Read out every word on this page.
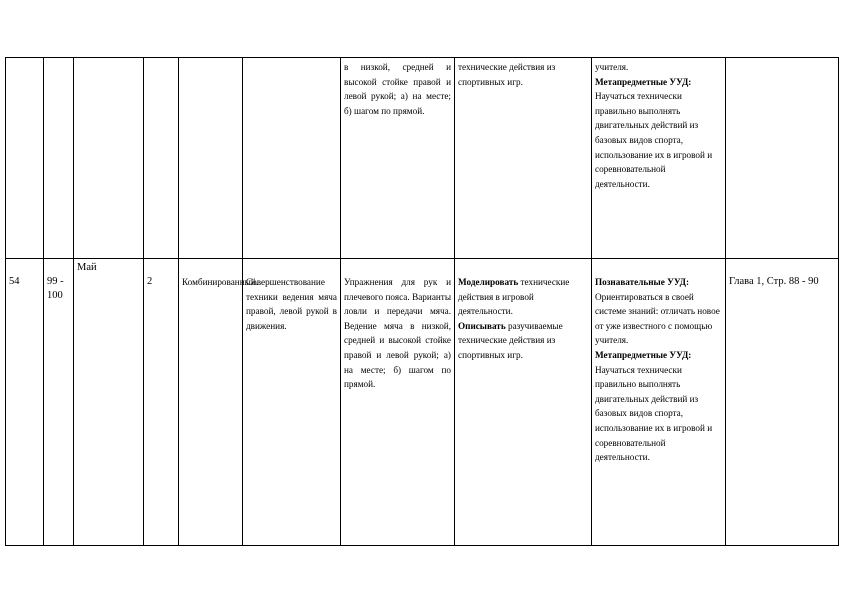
						в низкой, средней и высокой стойке правой и левой рукой; а) на месте; б) шагом по прямой.	технические действия из спортивных игр.	учителя.
Метапредметные УУД: Научаться технически правильно выполнять двигательных действий из базовых видов спорта, использование их в игровой и соревновательной деятельности.	
54	99 - 100	Май	2	Комбинированный.	Совершенствование техники ведения мяча правой, левой рукой в движения.	Упражнения для рук и плечевого пояса. Варианты ловли и передачи мяча. Ведение мяча в низкой, средней и высокой стойке правой и левой рукой; а) на месте; б) шагом по прямой.	Моделировать технические действия в игровой деятельности.
Описывать разучиваемые технические действия из спортивных игр.	Познавательные УУД: Ориентироваться в своей системе знаний: отличать новое от уже известного с помощью учителя.
Метапредметные УУД: Научаться технически правильно выполнять двигательных действий из базовых видов спорта, использование их в игровой и соревновательной деятельности.	Глава 1, Стр. 88 - 90
